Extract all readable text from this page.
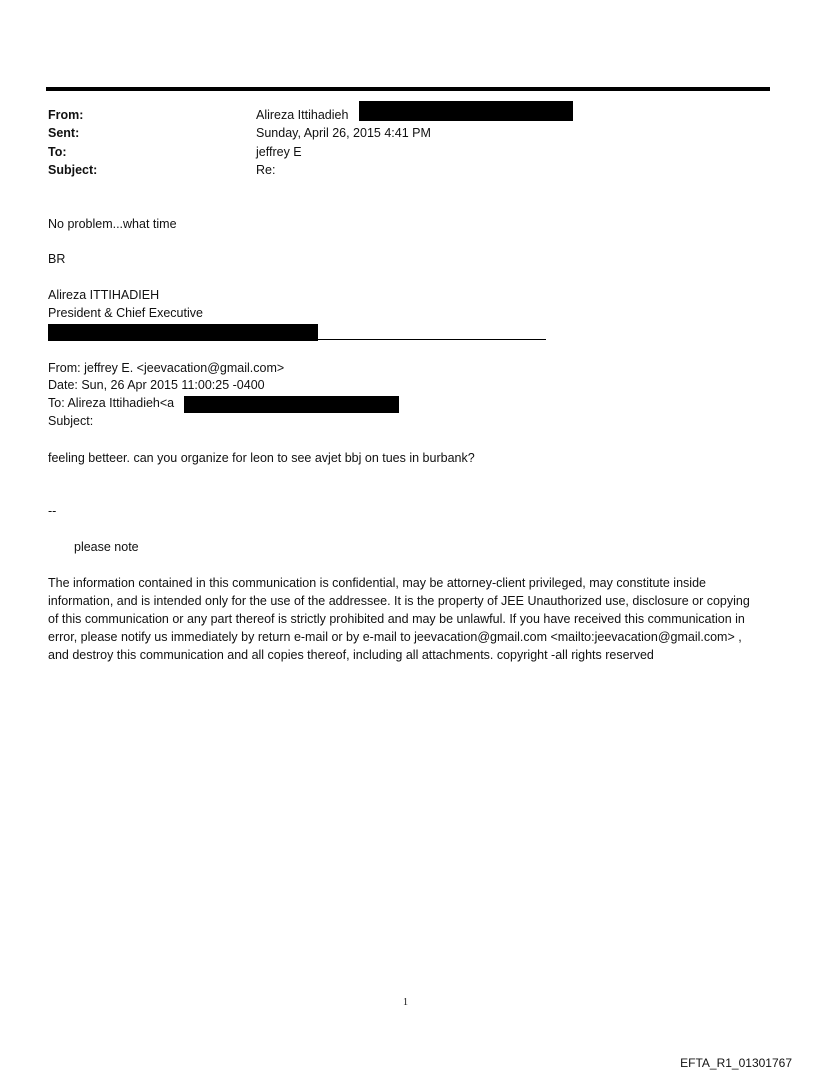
From:	Alireza Ittihadieh
Sent:	Sunday, April 26, 2015 4:41 PM
To:	jeffrey E
Subject:	Re:
No problem...what time
BR
Alireza ITTIHADIEH
President & Chief Executive
From: jeffrey E. <jeevacation@gmail.com>
Date: Sun, 26 Apr 2015 11:00:25 -0400
To: Alireza Ittihadieh<a
Subject:
feeling betteer. can you organize for leon to see avjet bbj on tues in burbank?
--
please note
The information contained in this communication is confidential, may be attorney-client privileged, may constitute inside information, and is intended only for the use of the addressee. It is the property of JEE Unauthorized use, disclosure or copying of this communication or any part thereof is strictly prohibited and may be unlawful. If you have received this communication in error, please notify us immediately by return e-mail or by e-mail to jeevacation@gmail.com <mailto:jeevacation@gmail.com> , and destroy this communication and all copies thereof, including all attachments. copyright -all rights reserved
1
EFTA_R1_01301767
